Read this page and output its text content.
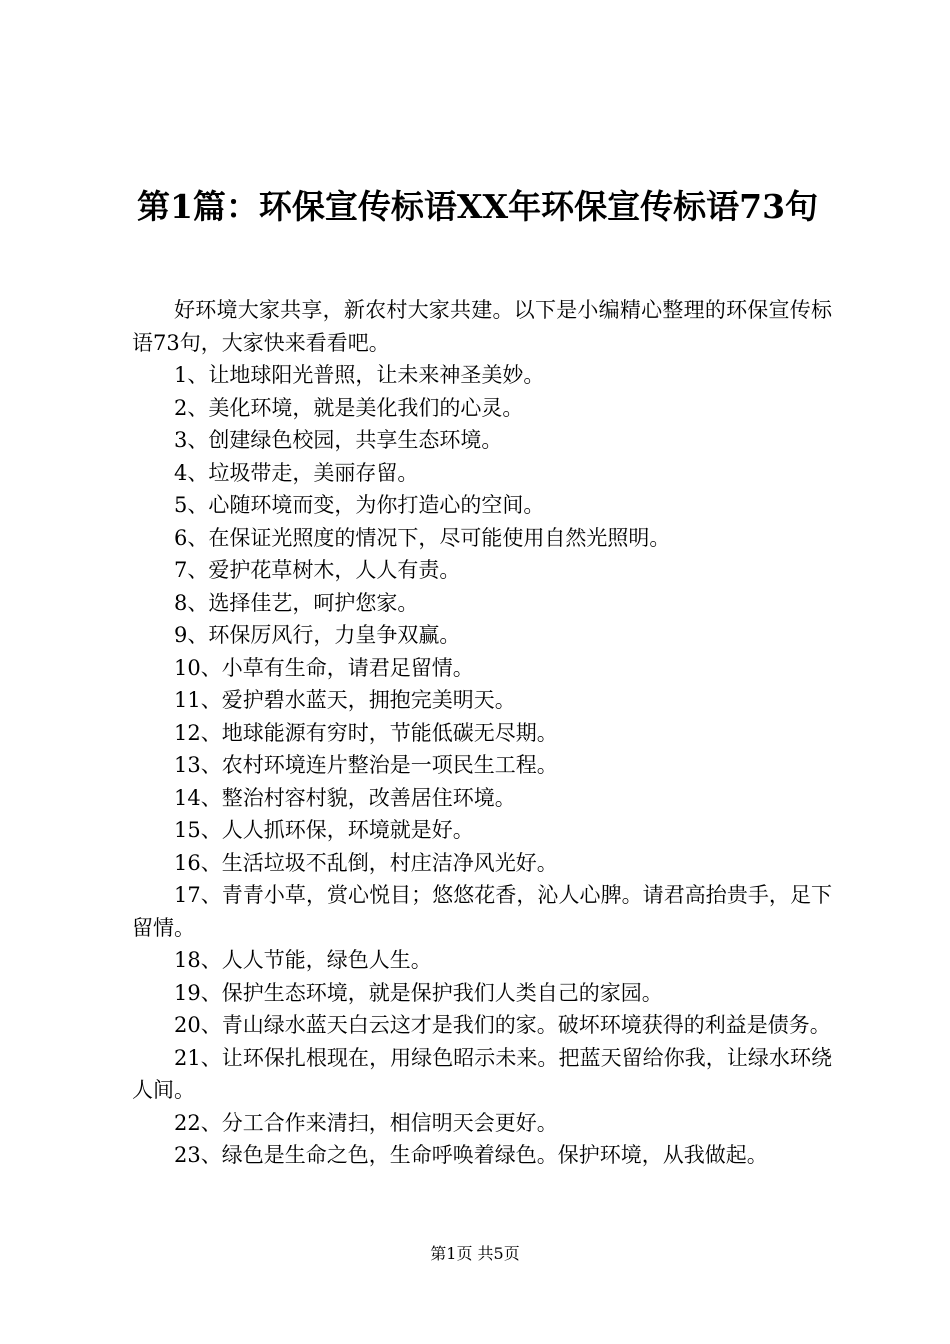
第1篇：环保宣传标语XX年环保宣传标语73句

好环境大家共享，新农村大家共建。以下是小编精心整理的环保宣传标语73句，大家快来看看吧。

1、让地球阳光普照，让未来神圣美妙。

2、美化环境，就是美化我们的心灵。

3、创建绿色校园，共享生态环境。

4、垃圾带走，美丽存留。

5、心随环境而变，为你打造心的空间。

6、在保证光照度的情况下，尽可能使用自然光照明。

7、爱护花草树木，人人有责。

8、选择佳艺，呵护您家。

9、环保厉风行，力皇争双赢。

10、小草有生命，请君足留情。

11、爱护碧水蓝天，拥抱完美明天。

12、地球能源有穷时，节能低碳无尽期。

13、农村环境连片整治是一项民生工程。

14、整治村容村貌，改善居住环境。

15、人人抓环保，环境就是好。

16、生活垃圾不乱倒，村庄洁净风光好。

17、青青小草，赏心悦目；悠悠花香，沁人心脾。请君高抬贵手，足下留情。

18、人人节能，绿色人生。

19、保护生态环境，就是保护我们人类自己的家园。

20、青山绿水蓝天白云这才是我们的家。破坏环境获得的利益是债务。

21、让环保扎根现在，用绿色昭示未来。把蓝天留给你我，让绿水环绕人间。

22、分工合作来清扫，相信明天会更好。

23、绿色是生命之色，生命呼唤着绿色。保护环境，从我做起。

第1页 共5页
